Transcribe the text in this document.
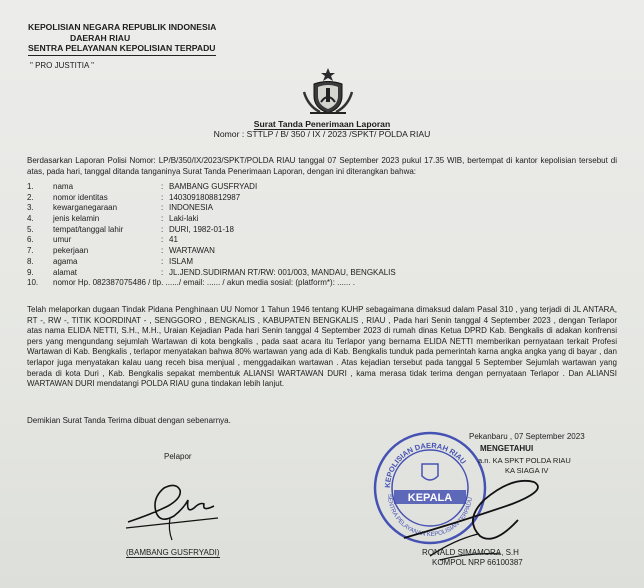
KEPOLISIAN NEGARA REPUBLIK INDONESIA
DAERAH RIAU
SENTRA PELAYANAN KEPOLISIAN TERPADU
" PRO JUSTITIA "
Surat Tanda Penerimaan Laporan
Nomor : STTLP / B/ 350 / IX / 2023 /SPKT/ POLDA RIAU
Berdasarkan Laporan Polisi Nomor: LP/B/350/IX/2023/SPKT/POLDA RIAU tanggal 07 September 2023 pukul 17.35 WIB, bertempat di kantor kepolisian tersebut di atas, pada hari, tanggal ditanda tanganinya Surat Tanda Penerimaan Laporan, dengan ini diterangkan bahwa:
1.	nama	: BAMBANG GUSFRYADI
2.	nomor identitas	: 1403091808812987
3.	kewarganegaraan	: INDONESIA
4.	jenis kelamin	: Laki-laki
5.	tempat/tanggal lahir	: DURI, 1982-01-18
6.	umur	: 41
7.	pekerjaan	: WARTAWAN
8.	agama	: ISLAM
9.	alamat	: JL.JEND.SUDIRMAN RT/RW: 001/003, MANDAU, BENGKALIS
10.	nomor Hp. 082387075486 / tlp. ....../ email: ...... / akun media sosial: (platform*): ...... .
Telah melaporkan dugaan Tindak Pidana Penghinaan UU Nomor 1 Tahun 1946 tentang KUHP sebagaimana dimaksud dalam Pasal 310 , yang terjadi di JL ANTARA, RT -, RW -, TITIK KOORDINAT - , SENGGORO , BENGKALIS , KABUPATEN BENGKALIS , RIAU , Pada hari Senin tanggal 4 September 2023 , dengan Terlapor atas nama ELIDA NETTI, S.H., M.H., Uraian Kejadian Pada hari Senin tanggal 4 September 2023 di rumah dinas Ketua DPRD Kab. Bengkalis di adakan konfrensi pers yang mengundang sejumlah Wartawan di kota bengkalis , pada saat acara itu Terlapor yang bernama ELIDA NETTI memberikan pernyataan terkait Profesi Wartawan di Kab. Bengkalis , terlapor menyatakan bahwa 80% wartawan yang ada di Kab. Bengkalis tunduk pada pemerintah karna angka angka yang di bayar , dan terlapor juga menyatakan kalau uang receh bisa menjual , menggadaikan wartawan . Atas kejadian tersebut pada tanggal 5 September Sejumlah wartawan yang berada di kota Duri , Kab. Bengkalis sepakat membentuk ALIANSI WARTAWAN DURI , kama merasa tidak terima dengan pernyataan Terlapor . Dan ALIANSI WARTAWAN DURI mendatangi POLDA RIAU guna tindakan lebih lanjut.
Demikian Surat Tanda Terima dibuat dengan sebenarnya.
Pelapor
(BAMBANG GUSFRYADI)
KEPOLISIAN DAERAH RIAU
SENTRA PELAYANAN KEPOLISIAN TERPADU
KEPALA
Pekanbaru , 07 September 2023
MENGETAHUI
a.n. KA SPKT POLDA RIAU
KA SIAGA IV
RONALD SIMAMORA, S.H
KOMPOL NRP 66100387
